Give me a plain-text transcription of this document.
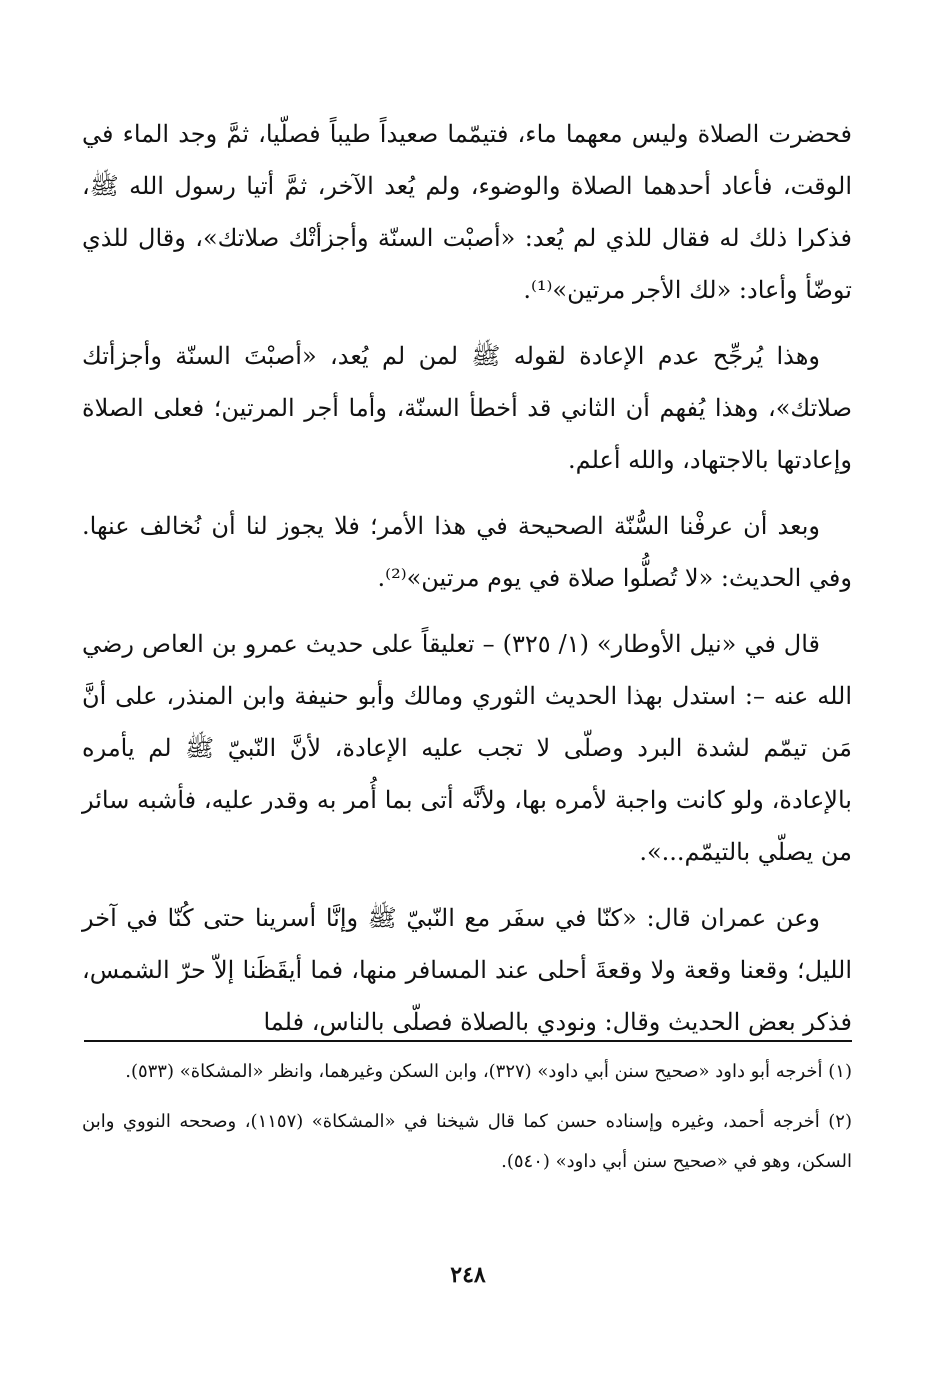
فحضرت الصلاة وليس معهما ماء، فتيمّما صعيداً طيباً فصلّيا، ثمَّ وجد الماء في الوقت، فأعاد أحدهما الصلاة والوضوء، ولم يُعد الآخر، ثمَّ أتيا رسول الله ﷺ، فذكرا ذلك له فقال للذي لم يُعد: «أصبْت السنّة وأجزأتْك صلاتك»، وقال للذي توضّأ وأعاد: «لك الأجر مرتين»⁽¹⁾.

وهذا يُرجِّح عدم الإعادة لقوله ﷺ لمن لم يُعد، «أصبْتَ السنّة وأجزأتك صلاتك»، وهذا يُفهم أن الثاني قد أخطأ السنّة، وأما أجر المرتين؛ فعلى الصلاة وإعادتها بالاجتهاد، والله أعلم.

وبعد أن عرفْنا السُّنّة الصحيحة في هذا الأمر؛ فلا يجوز لنا أن نُخالف عنها. وفي الحديث: «لا تُصلُّوا صلاة في يوم مرتين»⁽²⁾.

قال في «نيل الأوطار» (١/ ٣٢٥) – تعليقاً على حديث عمرو بن العاص رضي الله عنه –: استدل بهذا الحديث الثوري ومالك وأبو حنيفة وابن المنذر، على أنَّ مَن تيمّم لشدة البرد وصلّى لا تجب عليه الإعادة، لأنَّ النّبيّ ﷺ لم يأمره بالإعادة، ولو كانت واجبة لأمره بها، ولأنَّه أتى بما أُمر به وقدر عليه، فأشبه سائر من يصلّي بالتيمّم...».

وعن عمران قال: «كنّا في سفَر مع النّبيّ ﷺ وإنَّا أسرينا حتى كُنّا في آخر الليل؛ وقعنا وقعة ولا وقعةَ أحلى عند المسافر منها، فما أيقَظَنا إلاّ حرّ الشمس، فذكر بعض الحديث وقال: ونودي بالصلاة فصلّى بالناس، فلما

(١) أخرجه أبو داود «صحيح سنن أبي داود» (٣٢٧)، وابن السكن وغيرهما، وانظر «المشكاة» (٥٣٣).

(٢) أخرجه أحمد، وغيره وإسناده حسن كما قال شيخنا في «المشكاة» (١١٥٧)، وصححه النووي وابن السكن، وهو في «صحيح سنن أبي داود» (٥٤٠).

٢٤٨
